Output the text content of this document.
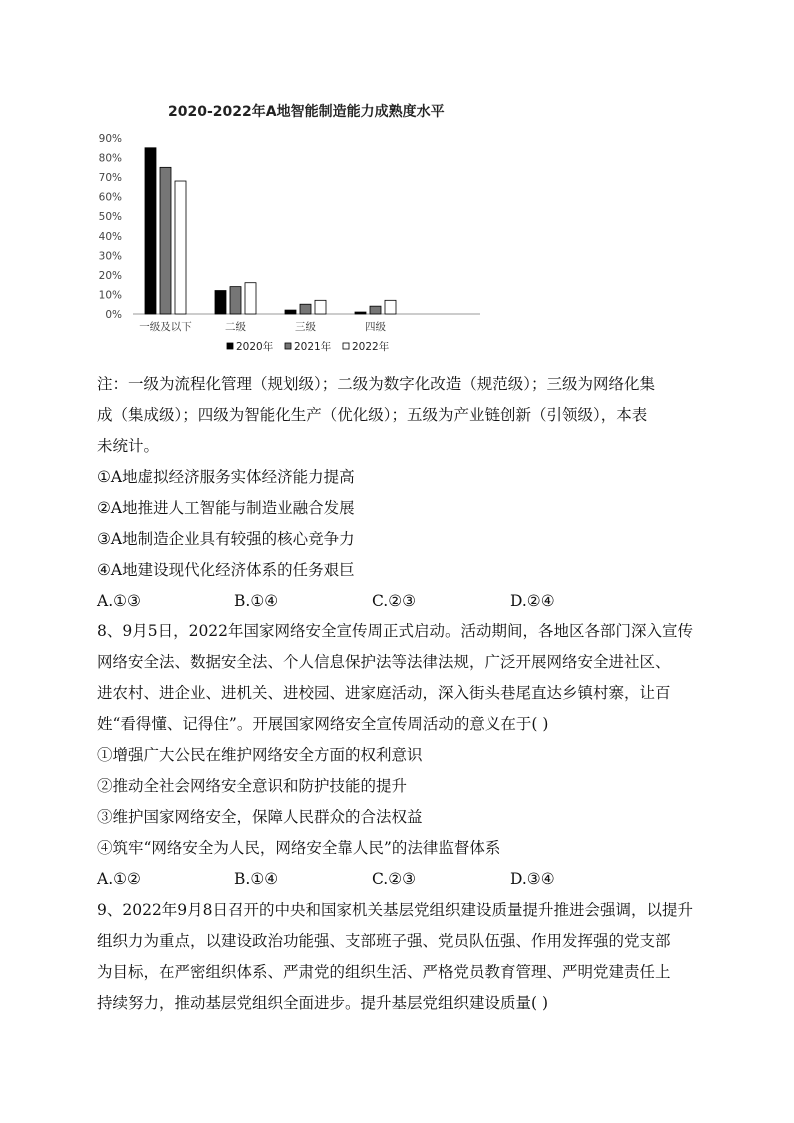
2020-2022年A地智能制造能力成熟度水平
0%
10%
20%
30%
40%
50%
60%
70%
80%
90%
一级及以下	二级	三级	四级
2020年 2021年 2022年
注：一级为流程化管理（规划级）；二级为数字化改造（规范级）；三级为网络化集
成（集成级）；四级为智能化生产（优化级）；五级为产业链创新（引领级），本表
未统计。
①A地虚拟经济服务实体经济能力提高
②A地推进人工智能与制造业融合发展
③A地制造企业具有较强的核心竞争力
④A地建设现代化经济体系的任务艰巨
A.①③	B.①④	C.②③	D.②④
8、9月5日，2022年国家网络安全宣传周正式启动。活动期间，各地区各部门深入宣传
网络安全法、数据安全法、个人信息保护法等法律法规，广泛开展网络安全进社区、
进农村、进企业、进机关、进校园、进家庭活动，深入街头巷尾直达乡镇村寨，让百
姓“看得懂、记得住”。开展国家网络安全宣传周活动的意义在于( )
①增强广大公民在维护网络安全方面的权利意识
②推动全社会网络安全意识和防护技能的提升
③维护国家网络安全，保障人民群众的合法权益
④筑牢“网络安全为人民，网络安全靠人民”的法律监督体系
A.①②	B.①④	C.②③	D.③④
9、2022年9月8日召开的中央和国家机关基层党组织建设质量提升推进会强调，以提升
组织力为重点，以建设政治功能强、支部班子强、党员队伍强、作用发挥强的党支部
为目标，在严密组织体系、严肃党的组织生活、严格党员教育管理、严明党建责任上
持续努力，推动基层党组织全面进步。提升基层党组织建设质量( )
